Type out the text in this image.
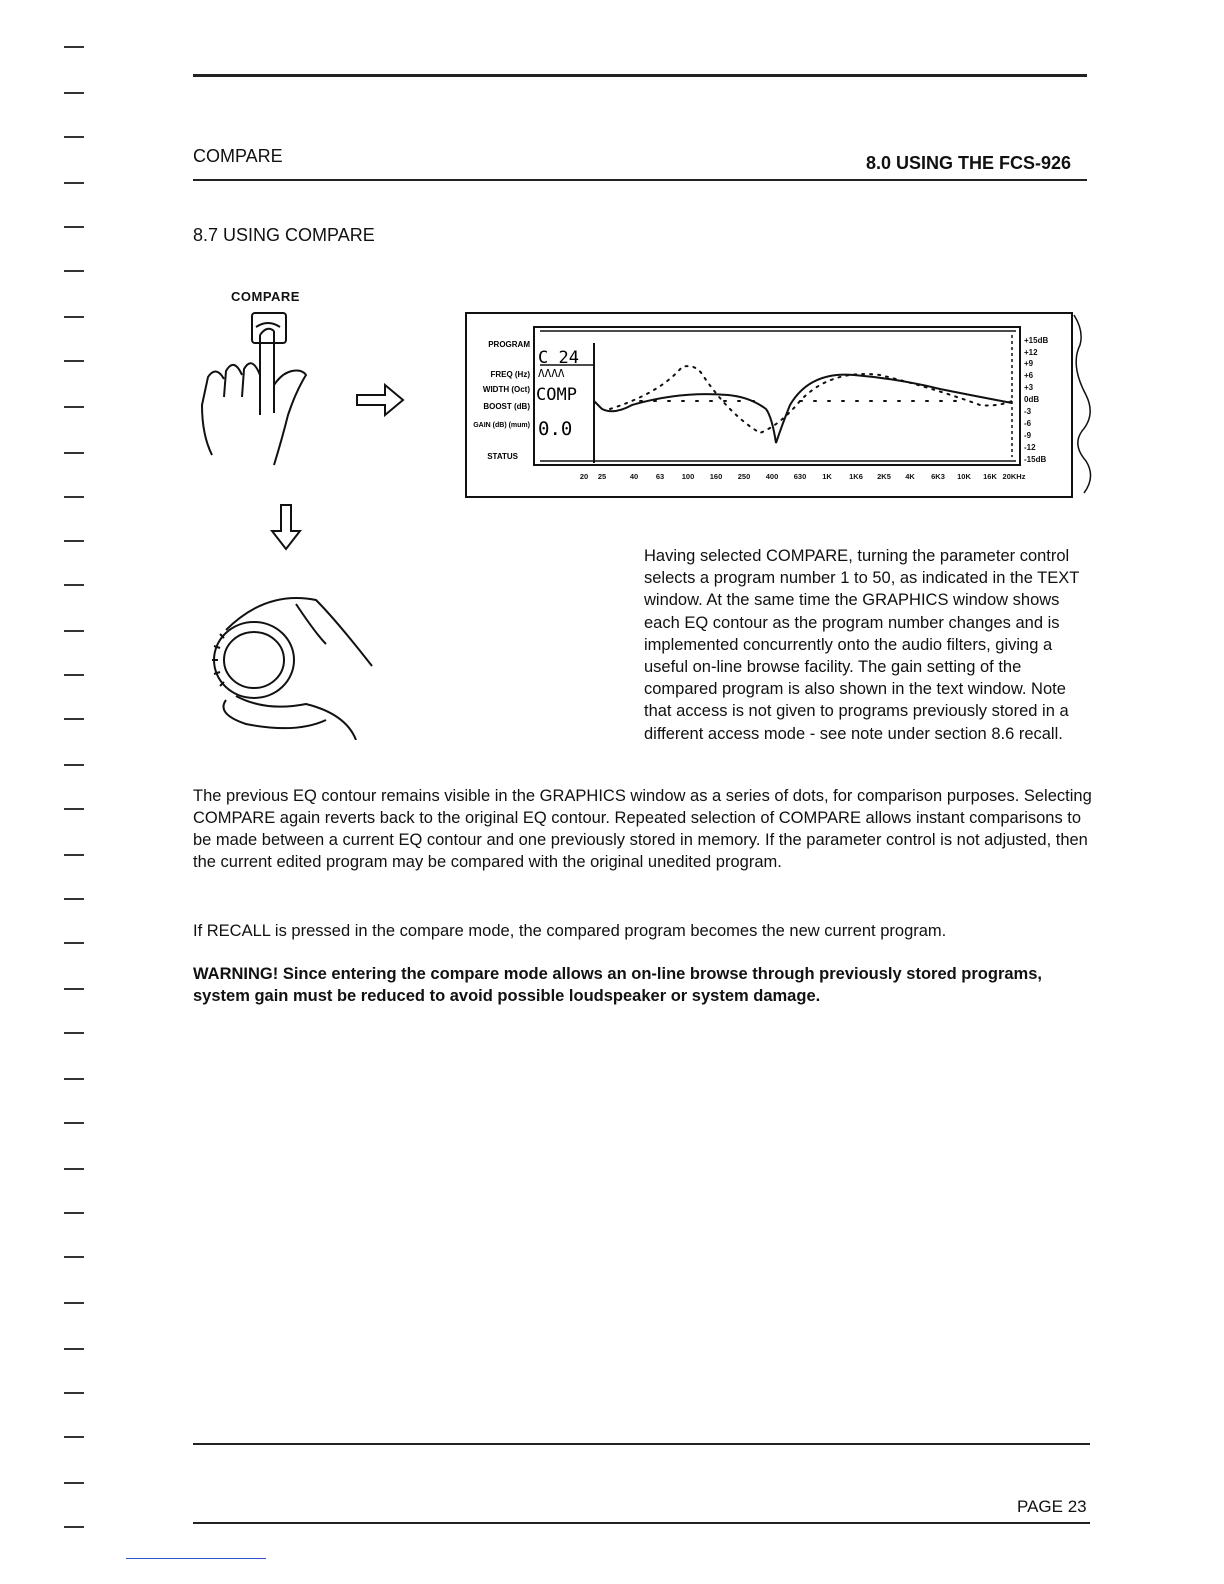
COMPARE	8.0 USING THE FCS-926
8.7 USING COMPARE
COMPARE
PROGRAM
FREQ (Hz)
WIDTH (Oct)
BOOST (dB)
GAIN (dB) (mum)
STATUS
C 24
ΛΛΛΛ
COMP
0.0
+15dB
+12
+9
+6
+3
0dB
-3
-6
-9
-12
-15dB
20 25	40 63 100 160 250 400 630 1K 1K6 2K5 4K 6K3 10K 16K 20KHz
Having selected COMPARE, turning the parameter control selects a program number 1 to 50, as indicated in the TEXT window. At the same time the GRAPHICS window shows each EQ contour as the program number changes and is implemented concurrently onto the audio filters, giving a useful on-line browse facility. The gain setting of the compared program is also shown in the text window. Note that access is not given to programs previously stored in a different access mode - see note under section 8.6 recall.
The previous EQ contour remains visible in the GRAPHICS window as a series of dots, for comparison purposes. Selecting COMPARE again reverts back to the original EQ contour. Repeated selection of COMPARE allows instant comparisons to be made between a current EQ contour and one previously stored in memory. If the parameter control is not adjusted, then the current edited program may be compared with the original unedited program.
If RECALL is pressed in the compare mode, the compared program becomes the new current program.
WARNING! Since entering the compare mode allows an on-line browse through previously stored programs, system gain must be reduced to avoid possible loudspeaker or system damage.
PAGE 23
